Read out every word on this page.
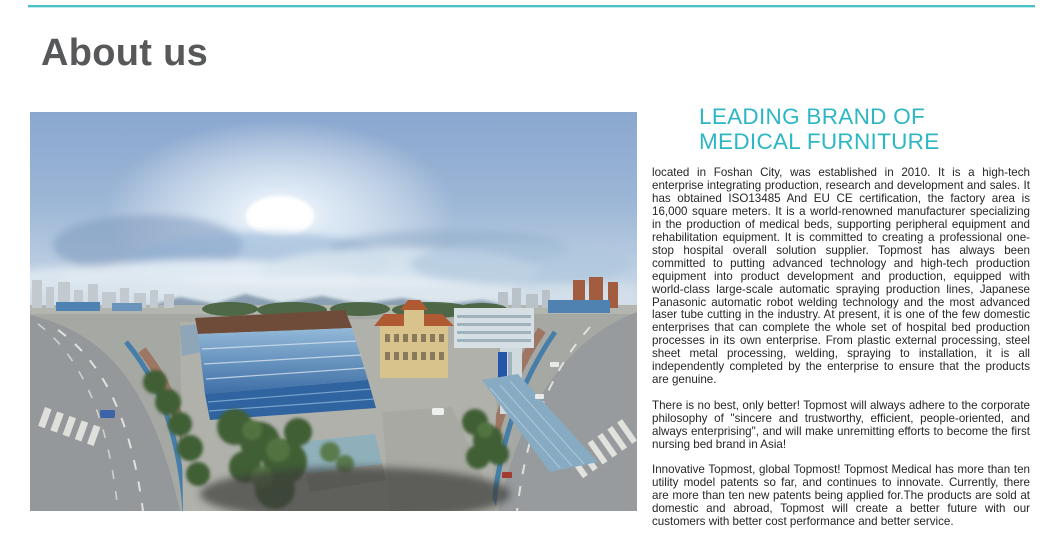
About us
LEADING BRAND OF
MEDICAL FURNITURE

located in Foshan City, was established in 2010. It is a high-tech enterprise integrating production, research and development and sales. It has obtained ISO13485 And EU CE certification, the factory area is 16,000 square meters. It is a world-renowned manufacturer specializing in the production of medical beds, supporting peripheral equipment and rehabilitation equipment. It is committed to creating a professional one-stop hospital overall solution supplier. Topmost has always been committed to putting advanced technology and high-tech production equipment into product development and production, equipped with world-class large-scale automatic spraying production lines, Japanese Panasonic automatic robot welding technology and the most advanced laser tube cutting in the industry. At present, it is one of the few domestic enterprises that can complete the whole set of hospital bed production processes in its own enterprise. From plastic external processing, steel sheet metal processing, welding, spraying to installation, it is all independently completed by the enterprise to ensure that the products are genuine.

There is no best, only better! Topmost will always adhere to the corporate philosophy of "sincere and trustworthy, efficient, people-oriented, and always enterprising", and will make unremitting efforts to become the first nursing bed brand in Asia!

Innovative Topmost, global Topmost! Topmost Medical has more than ten utility model patents so far, and continues to innovate. Currently, there are more than ten new patents being applied for.The products are sold at domestic and abroad, Topmost will create a better future with our customers with better cost performance and better service.
